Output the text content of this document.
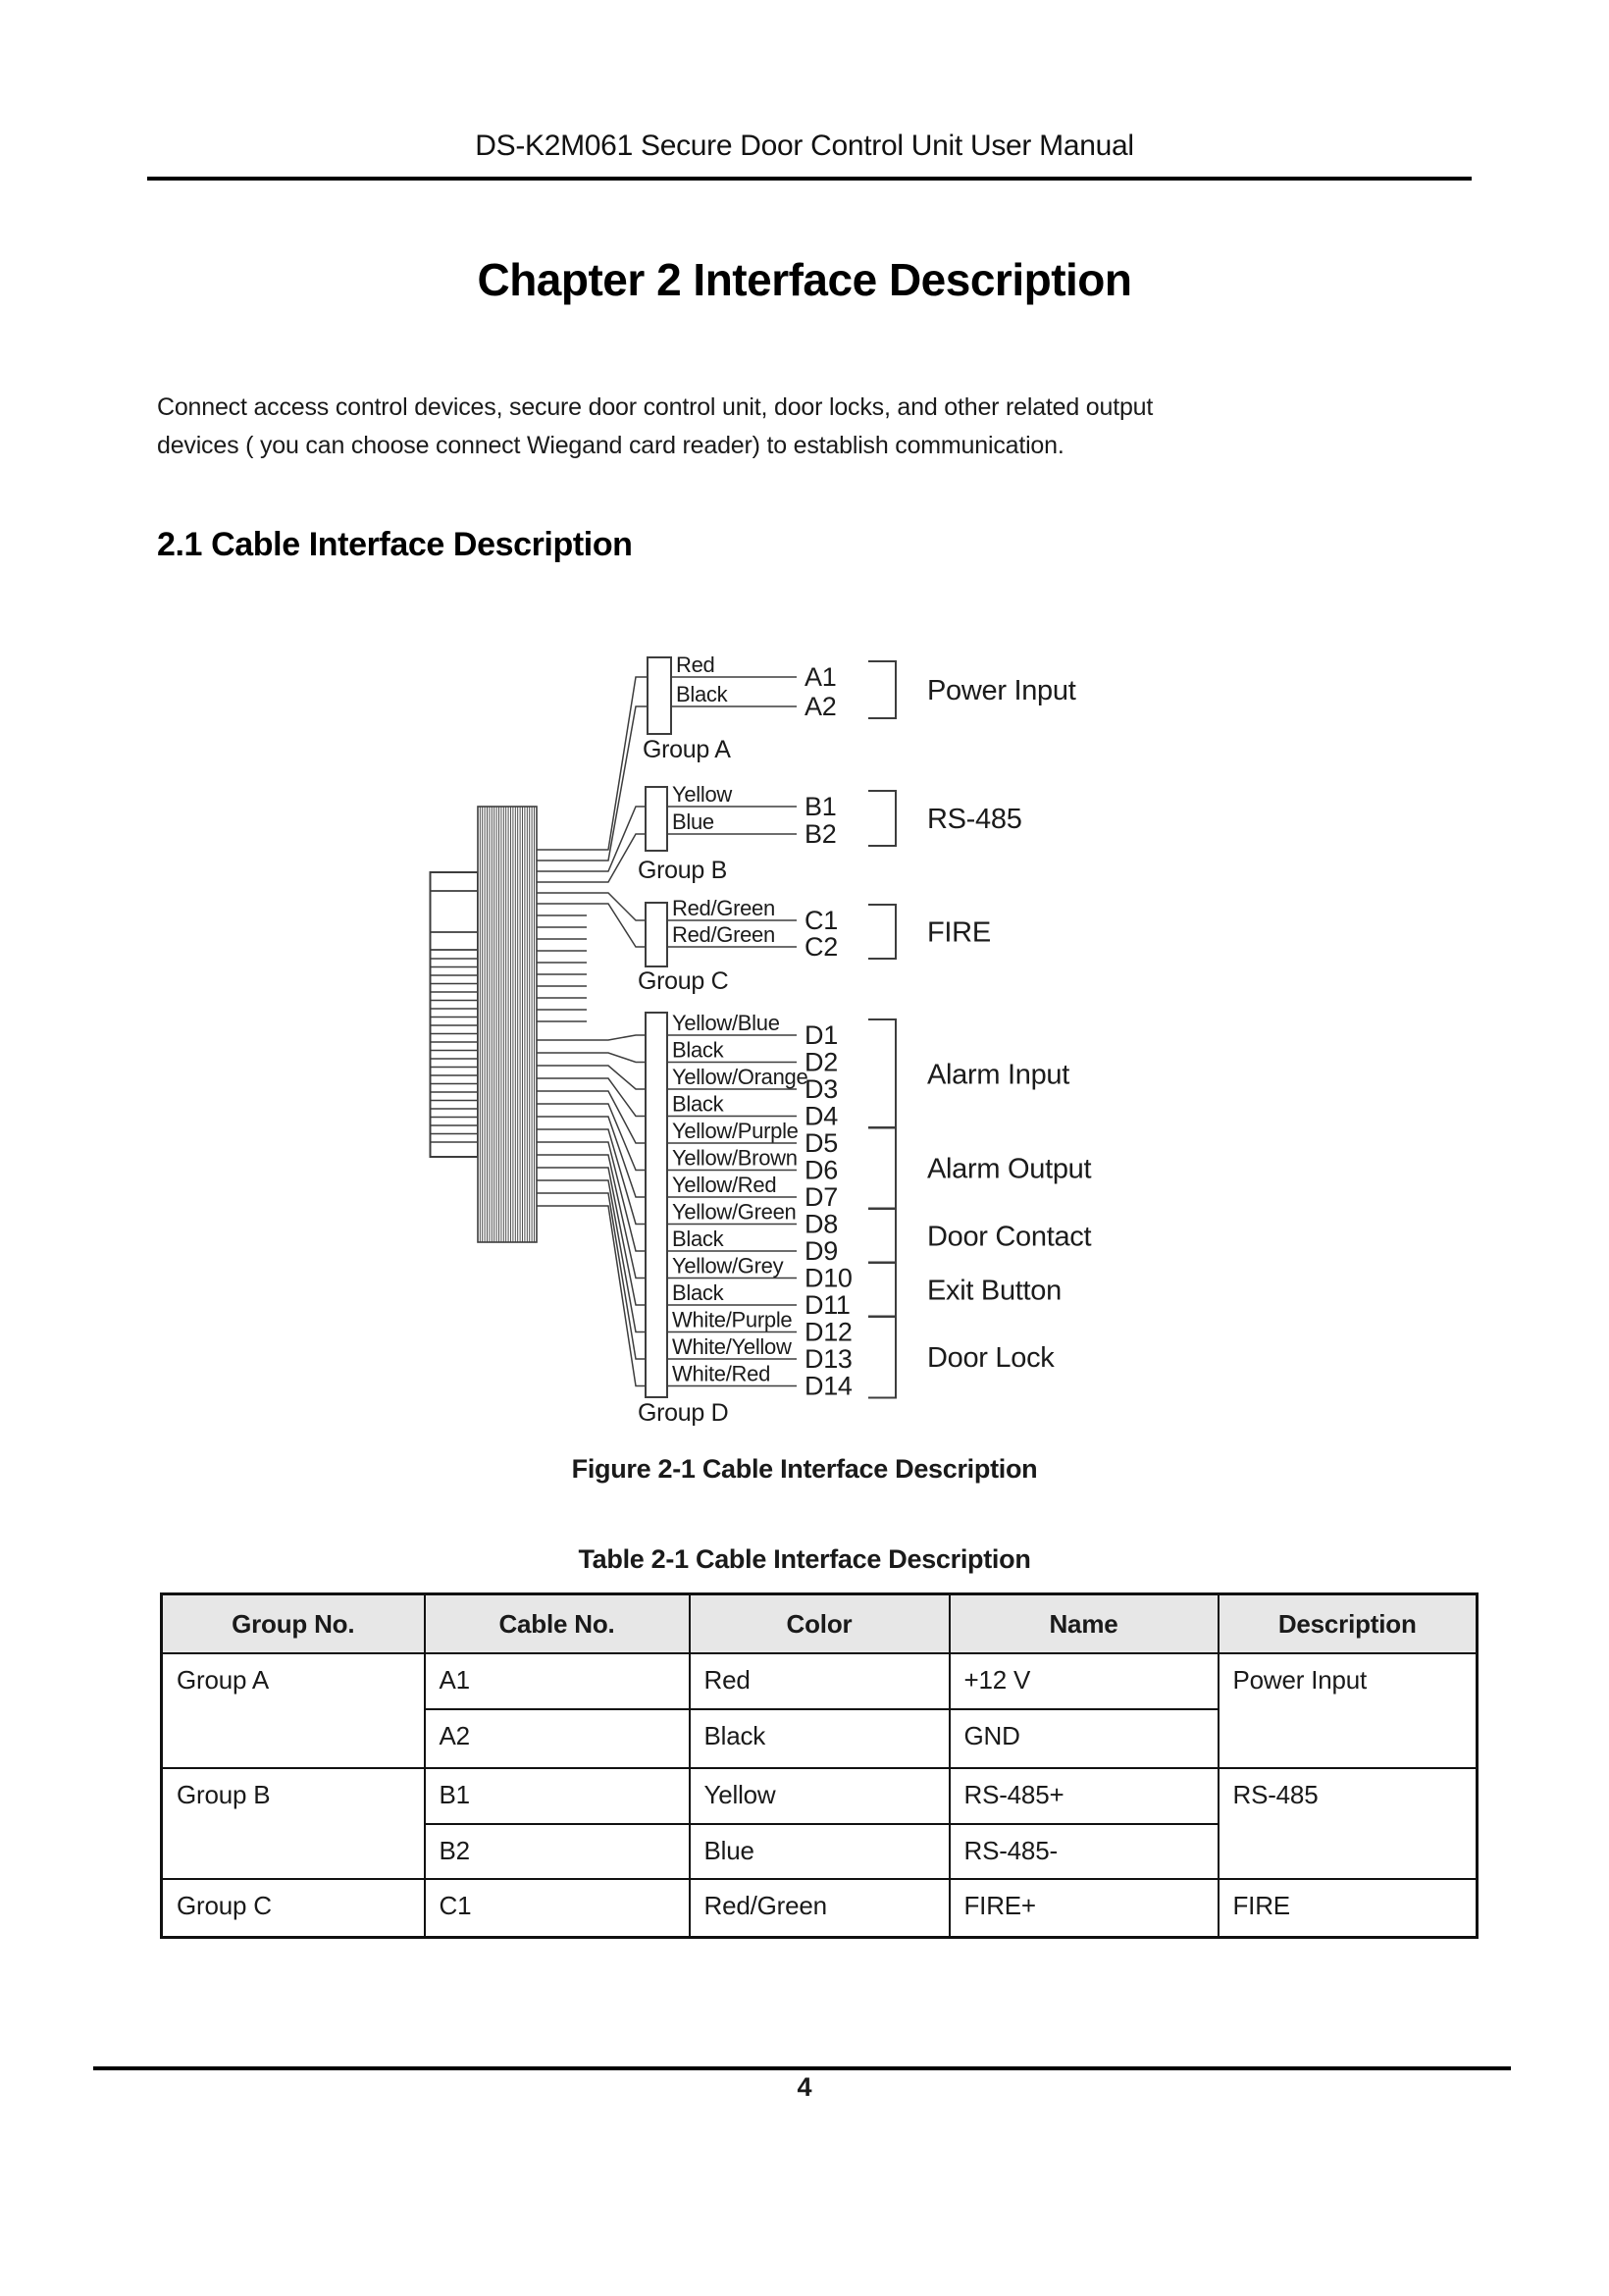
DS-K2M061 Secure Door Control Unit User Manual
Chapter 2 Interface Description
Connect access control devices, secure door control unit, door locks, and other related output
devices ( you can choose connect Wiegand card reader) to establish communication.
2.1 Cable Interface Description
Red	A1
Black	A2
Group A
Yellow	B1
Blue	B2
Group B
Red/Green C1
Red/Green C2
Group C
Yellow/Blue D1
Black	D2
Yellow/Orange
D3
Black	D4
Yellow/Purple D5
Yellow/Brown D6
Yellow/Red D7
Yellow/Green D8
Black	D9
Yellow/Grey D10
Black	D11
White/Purple D12
White/Yellow D13
White/Red D14
Group D
Power Input
RS-485
FIRE
Alarm Input
Alarm Output
Door Contact
Exit Button
Door Lock
Figure 2-1 Cable Interface Description
Table 2-1 Cable Interface Description
Group No.	Cable No.	Color	Name	Description
Group A	A1	Red	+12 V	Power Input
	A2	Black	GND	
Group B	B1	Yellow	RS-485+	RS-485
	B2	Blue	RS-485-	
Group C	C1	Red/Green	FIRE+	FIRE
4
